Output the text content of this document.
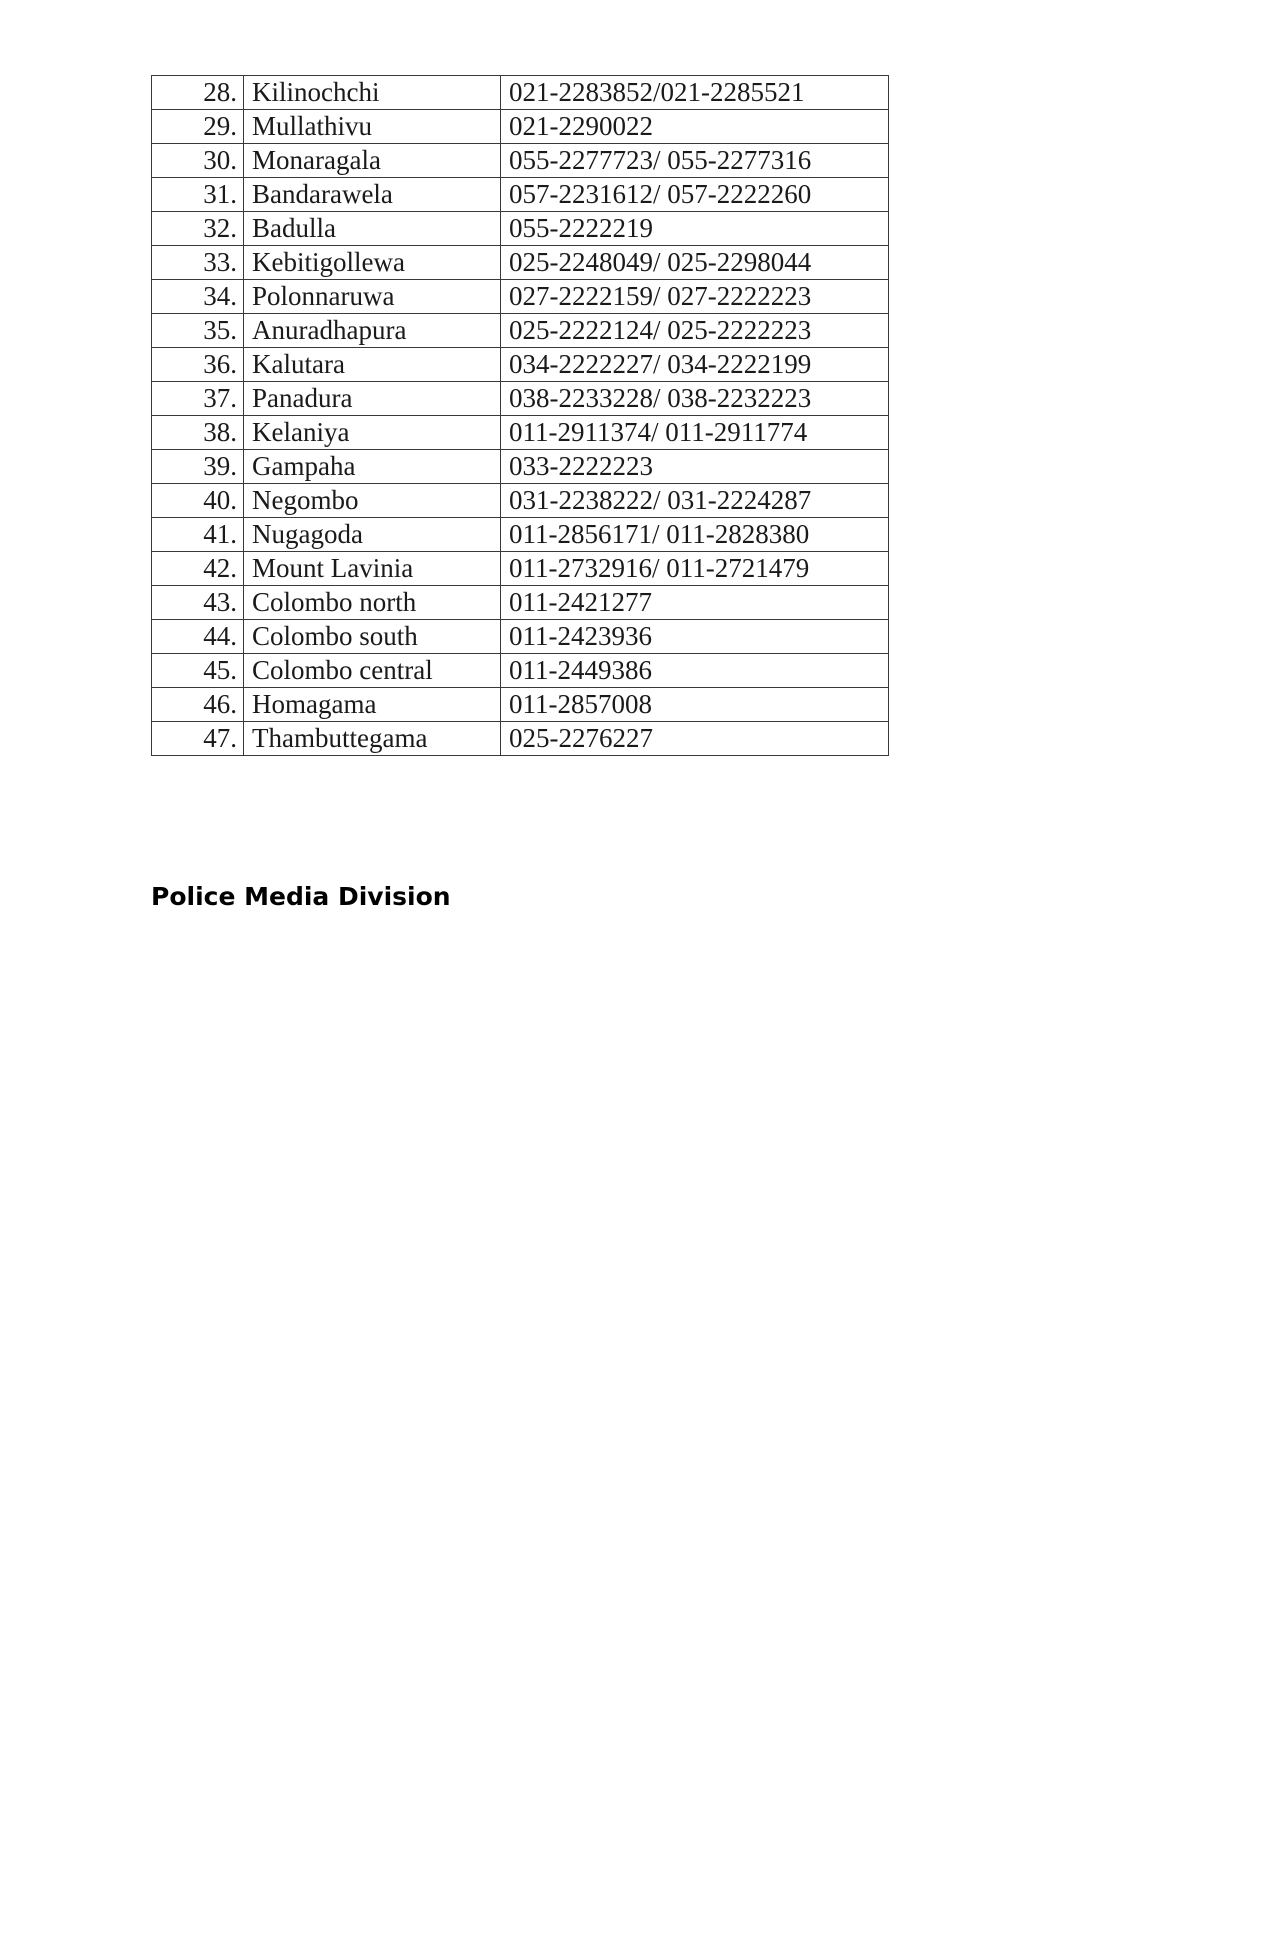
28.	Kilinochchi	021-2283852/021-2285521
29.	Mullathivu	021-2290022
30.	Monaragala	055-2277723/ 055-2277316
31.	Bandarawela	057-2231612/ 057-2222260
32.	Badulla	055-2222219
33.	Kebitigollewa	025-2248049/ 025-2298044
34.	Polonnaruwa	027-2222159/ 027-2222223
35.	Anuradhapura	025-2222124/ 025-2222223
36.	Kalutara	034-2222227/ 034-2222199
37.	Panadura	038-2233228/ 038-2232223
38.	Kelaniya	011-2911374/ 011-2911774
39.	Gampaha	033-2222223
40.	Negombo	031-2238222/ 031-2224287
41.	Nugagoda	011-2856171/ 011-2828380
42.	Mount Lavinia	011-2732916/ 011-2721479
43.	Colombo north	011-2421277
44.	Colombo south	011-2423936
45.	Colombo central	011-2449386
46.	Homagama	011-2857008
47.	Thambuttegama	025-2276227
Police Media Division
